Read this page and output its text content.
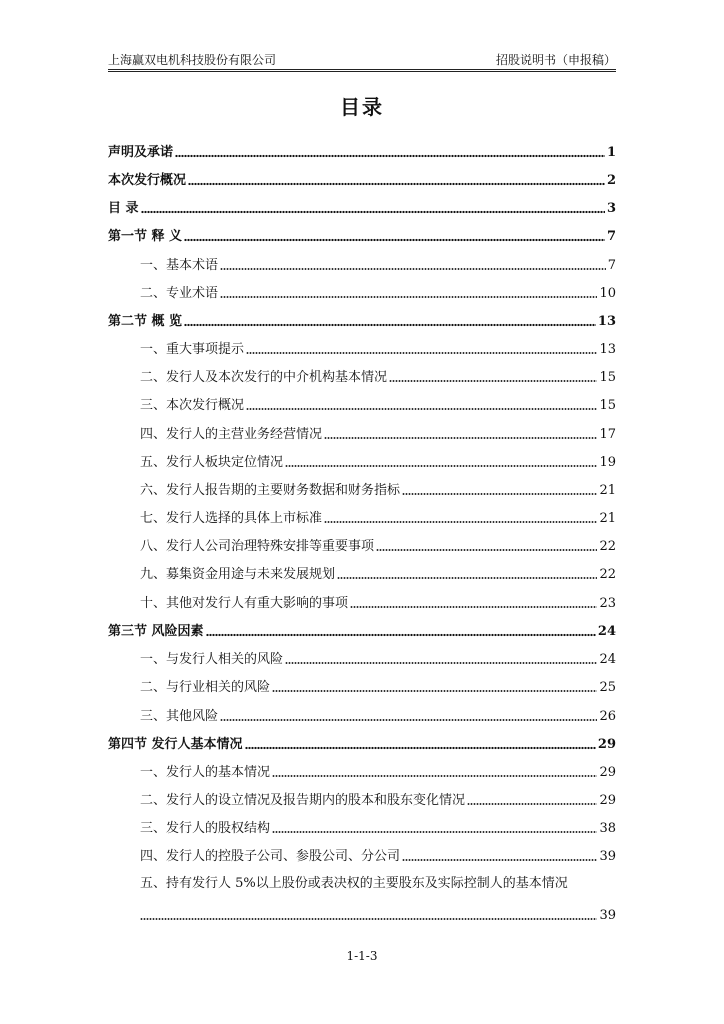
上海赢双电机科技股份有限公司	招股说明书（申报稿）
目录
声明及承诺	1
本次发行概况	2
目 录	3
第一节 释 义	7
一、基本术语	7
二、专业术语	10
第二节 概 览	13
一、重大事项提示	13
二、发行人及本次发行的中介机构基本情况	15
三、本次发行概况	15
四、发行人的主营业务经营情况	17
五、发行人板块定位情况	19
六、发行人报告期的主要财务数据和财务指标	21
七、发行人选择的具体上市标准	21
八、发行人公司治理特殊安排等重要事项	22
九、募集资金用途与未来发展规划	22
十、其他对发行人有重大影响的事项	23
第三节 风险因素	24
一、与发行人相关的风险	24
二、与行业相关的风险	25
三、其他风险	26
第四节 发行人基本情况	29
一、发行人的基本情况	29
二、发行人的设立情况及报告期内的股本和股东变化情况	29
三、发行人的股权结构	38
四、发行人的控股子公司、参股公司、分公司	39
五、持有发行人 5%以上股份或表决权的主要股东及实际控制人的基本情况
39
1-1-3
